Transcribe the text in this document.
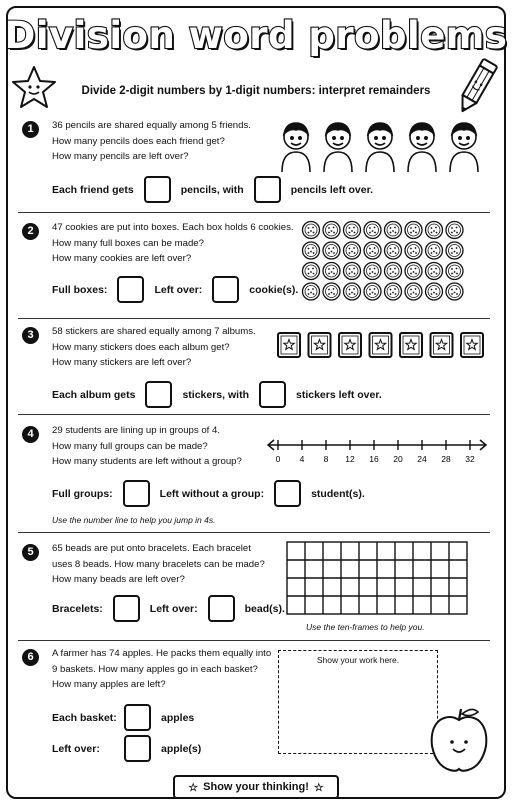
Division word problems
Divide 2-digit numbers by 1-digit numbers: interpret remainders
1	36 pencils are shared equally among 5 friends.
How many pencils does each friend get?
How many pencils are left over?
Each friend gets	pencils, with	pencils left over.
2	47 cookies are put into boxes. Each box holds 6 cookies.
How many full boxes can be made?
How many cookies are left over?
Full boxes:	Left over:	cookie(s).
3	58 stickers are shared equally among 7 albums.
How many stickers does each album get?
How many stickers are left over?
Each album gets	stickers, with	stickers left over.
4	29 students are lining up in groups of 4.
How many full groups can be made?
How many students are left without a group?
Full groups:	Left without a group:	student(s).
Use the number line to help you jump in 4s.
0 4 8 12 16 20 24 28 32
5	65 beads are put onto bracelets. Each bracelet
uses 8 beads. How many bracelets can be made?
How many beads are left over?
Bracelets:	Left over:	bead(s).
Use the ten-frames to help you.
6	A farmer has 74 apples. He packs them equally into
9 baskets. How many apples go in each basket?
How many apples are left?
Each basket:	apples
Left over:	apple(s)
Show your work here.
☆ Show your thinking! ☆
